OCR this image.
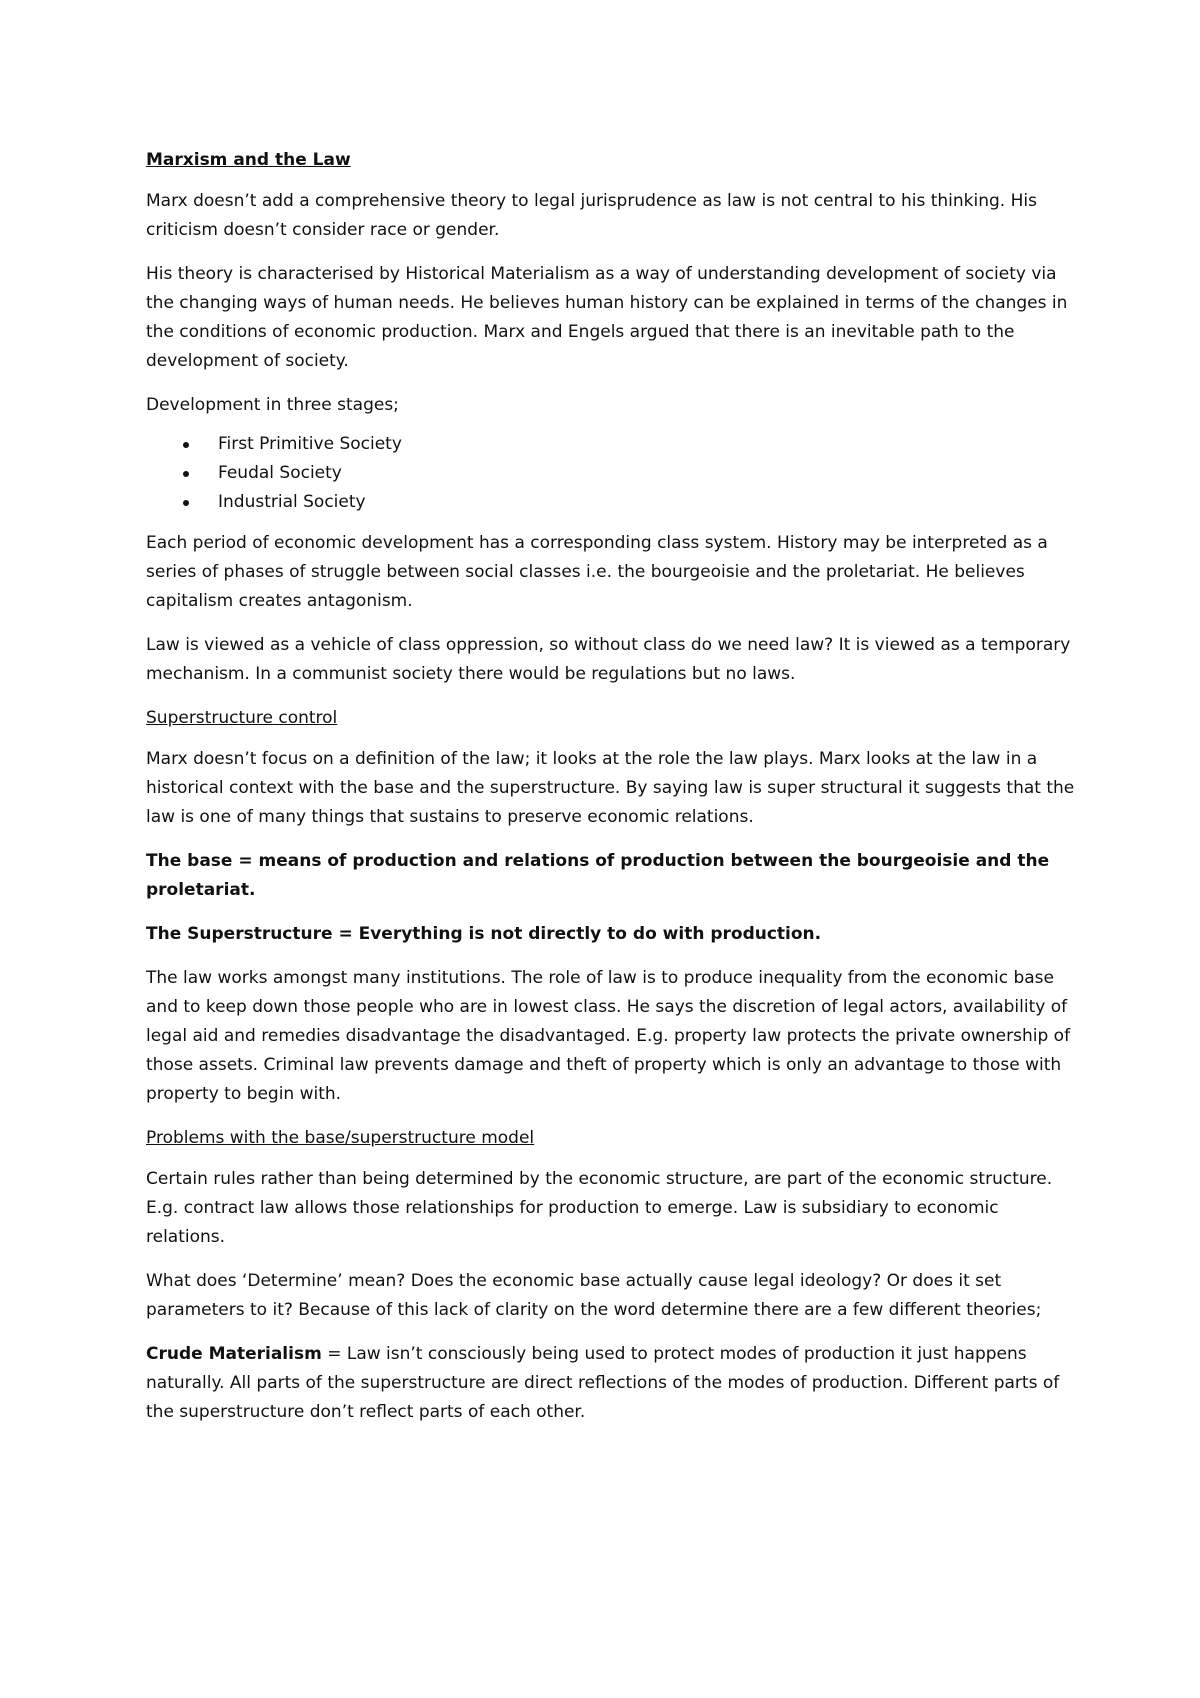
Marxism and the Law

Marx doesn’t add a comprehensive theory to legal jurisprudence as law is not central to his thinking. His criticism doesn’t consider race or gender.

His theory is characterised by Historical Materialism as a way of understanding development of society via the changing ways of human needs. He believes human history can be explained in terms of the changes in the conditions of economic production. Marx and Engels argued that there is an inevitable path to the development of society.

Development in three stages;

First Primitive Society
Feudal Society
Industrial Society

Each period of economic development has a corresponding class system. History may be interpreted as a series of phases of struggle between social classes i.e. the bourgeoisie and the proletariat. He believes capitalism creates antagonism.

Law is viewed as a vehicle of class oppression, so without class do we need law? It is viewed as a temporary mechanism. In a communist society there would be regulations but no laws.

Superstructure control

Marx doesn’t focus on a definition of the law; it looks at the role the law plays. Marx looks at the law in a historical context with the base and the superstructure. By saying law is super structural it suggests that the law is one of many things that sustains to preserve economic relations.

The base = means of production and relations of production between the bourgeoisie and the proletariat.

The Superstructure = Everything is not directly to do with production.

The law works amongst many institutions. The role of law is to produce inequality from the economic base and to keep down those people who are in lowest class. He says the discretion of legal actors, availability of legal aid and remedies disadvantage the disadvantaged. E.g. property law protects the private ownership of those assets. Criminal law prevents damage and theft of property which is only an advantage to those with property to begin with.

Problems with the base/superstructure model

Certain rules rather than being determined by the economic structure, are part of the economic structure. E.g. contract law allows those relationships for production to emerge. Law is subsidiary to economic relations.

What does ‘Determine’ mean? Does the economic base actually cause legal ideology? Or does it set parameters to it? Because of this lack of clarity on the word determine there are a few different theories;

Crude Materialism = Law isn’t consciously being used to protect modes of production it just happens naturally. All parts of the superstructure are direct reflections of the modes of production. Different parts of the superstructure don’t reflect parts of each other.
